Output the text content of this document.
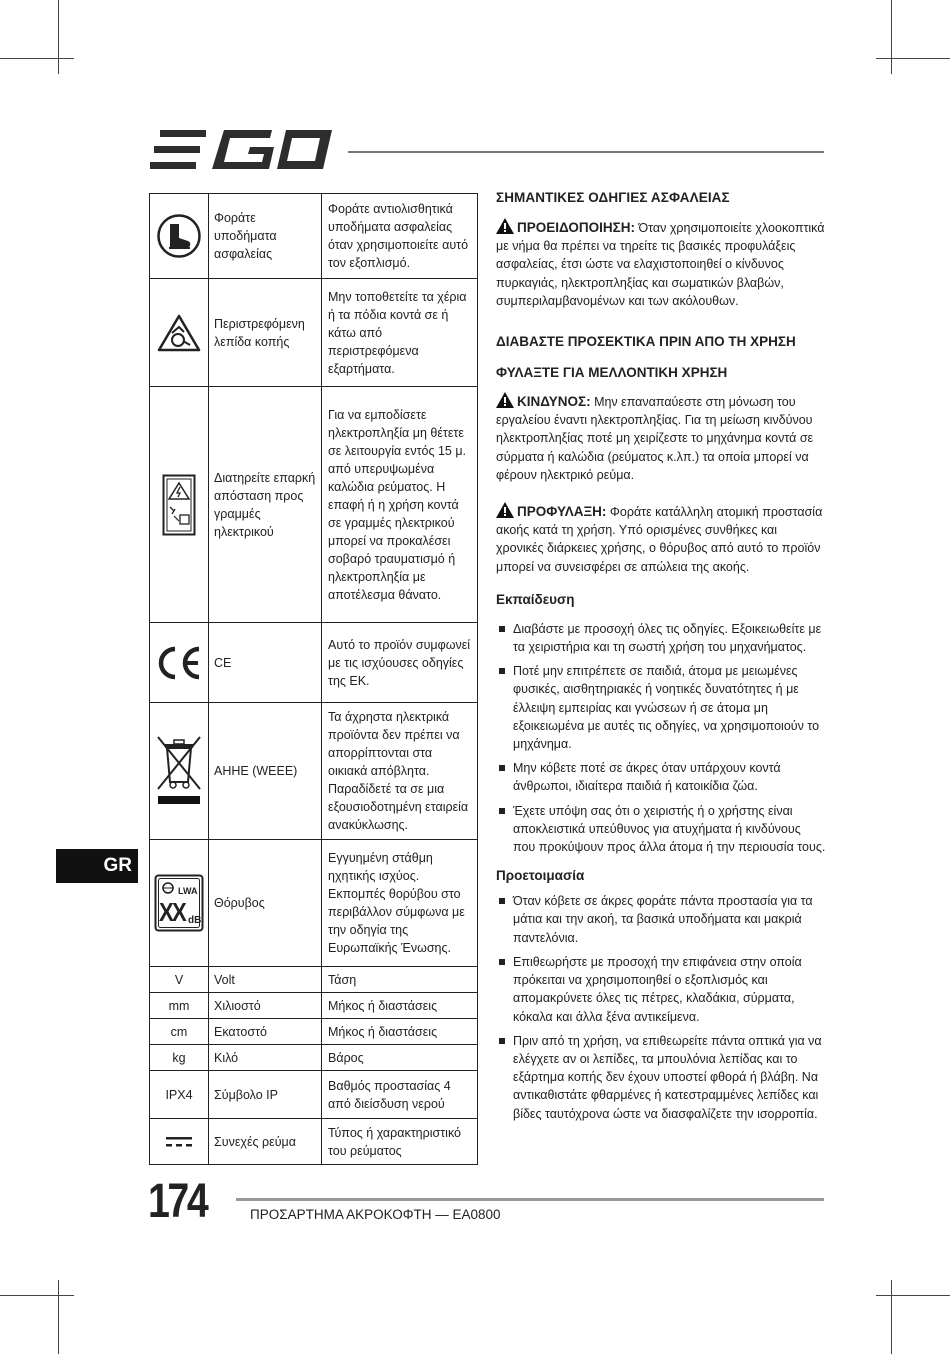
	Φοράτε υποδήματα ασφαλείας	Φοράτε αντιολισθητικά υποδήματα ασφαλείας όταν χρησιμοποιείτε αυτό τον εξοπλισμό.

	Περιστρεφόμενη λεπίδα κοπής	Μην τοποθετείτε τα χέρια ή τα πόδια κοντά σε ή κάτω από περιστρεφόμενα εξαρτήματα.

	Διατηρείτε επαρκή απόσταση προς γραμμές ηλεκτρικού	Για να εμποδίσετε ηλεκτροπληξία μη θέτετε σε λειτουργία εντός 15 μ. από υπερυψωμένα καλώδια ρεύματος. Η επαφή ή η χρήση κοντά σε γραμμές ηλεκτρικού μπορεί να προκαλέσει σοβαρό τραυματισμό ή ηλεκτροπληξία με αποτέλεσμα θάνατο.

	CE	Αυτό το προϊόν συμφωνεί με τις ισχύουσες οδηγίες της ΕΚ.

	ΑΗΗΕ (WEEE)	Τα άχρηστα ηλεκτρικά προϊόντα δεν πρέπει να απορρίπτονται στα οικιακά απόβλητα. Παραδίδετέ τα σε μια εξουσιοδοτημένη εταιρεία ανακύκλωσης.

LWA
XX dB	Θόρυβος	Εγγυημένη στάθμη ηχητικής ισχύος. Εκπομπές θορύβου στο περιβάλλον σύμφωνα με την οδηγία της Ευρωπαϊκής Ένωσης.
V	Volt	Τάση
mm	Χιλιοστό	Μήκος ή διαστάσεις
cm	Εκατοστό	Μήκος ή διαστάσεις
kg	Κιλό	Βάρος
IPX4	Σύμβολο IP	Βαθμός προστασίας 4 από διείσδυση νερού

	Συνεχές ρεύμα	Τύπος ή χαρακτηριστικό του ρεύματος
ΣΗΜΑΝΤΙΚΕΣ ΟΔΗΓΙΕΣ ΑΣΦΑΛΕΙΑΣ

ΠΡΟΕΙΔΟΠΟΙΗΣΗ: Όταν χρησιμοποιείτε χλοοκοπτικά με νήμα θα πρέπει να τηρείτε τις βασικές προφυλάξεις ασφαλείας, έτσι ώστε να ελαχιστοποιηθεί ο κίνδυνος πυρκαγιάς, ηλεκτροπληξίας και σωματικών βλαβών, συμπεριλαμβανομένων και των ακόλουθων.

ΔΙΑΒΑΣΤΕ ΠΡΟΣΕΚΤΙΚΑ ΠΡΙΝ ΑΠΟ ΤΗ ΧΡΗΣΗ
ΦΥΛΑΞΤΕ ΓΙΑ ΜΕΛΛΟΝΤΙΚΗ ΧΡΗΣΗ

ΚΙΝΔΥΝΟΣ: Μην επαναπαύεστε στη μόνωση του εργαλείου έναντι ηλεκτροπληξίας. Για τη μείωση κινδύνου ηλεκτροπληξίας ποτέ μη χειρίζεστε το μηχάνημα κοντά σε σύρματα ή καλώδια (ρεύματος κ.λπ.) τα οποία μπορεί να φέρουν ηλεκτρικό ρεύμα.

ΠΡΟΦΥΛΑΞΗ: Φοράτε κατάλληλη ατομική προστασία ακοής κατά τη χρήση. Υπό ορισμένες συνθήκες και χρονικές διάρκειες χρήσης, ο θόρυβος από αυτό το προϊόν μπορεί να συνεισφέρει σε απώλεια της ακοής.

Εκπαίδευση
Διαβάστε με προσοχή όλες τις οδηγίες. Εξοικειωθείτε με τα χειριστήρια και τη σωστή χρήση του μηχανήματος.
Ποτέ μην επιτρέπετε σε παιδιά, άτομα με μειωμένες φυσικές, αισθητηριακές ή νοητικές δυνατότητες ή με έλλειψη εμπειρίας και γνώσεων ή σε άτομα μη εξοικειωμένα με αυτές τις οδηγίες, να χρησιμοποιούν το μηχάνημα.
Μην κόβετε ποτέ σε άκρες όταν υπάρχουν κοντά άνθρωποι, ιδιαίτερα παιδιά ή κατοικίδια ζώα.
Έχετε υπόψη σας ότι ο χειριστής ή ο χρήστης είναι αποκλειστικά υπεύθυνος για ατυχήματα ή κινδύνους που προκύψουν προς άλλα άτομα ή την περιουσία τους.
Προετοιμασία
Όταν κόβετε σε άκρες φοράτε πάντα προστασία για τα μάτια και την ακοή, τα βασικά υποδήματα και μακριά παντελόνια.
Επιθεωρήστε με προσοχή την επιφάνεια στην οποία πρόκειται να χρησιμοποιηθεί ο εξοπλισμός και απομακρύνετε όλες τις πέτρες, κλαδάκια, σύρματα, κόκαλα και άλλα ξένα αντικείμενα.
Πριν από τη χρήση, να επιθεωρείτε πάντα οπτικά για να ελέγχετε αν οι λεπίδες, τα μπουλόνια λεπίδας και το εξάρτημα κοπής δεν έχουν υποστεί φθορά ή βλάβη. Να αντικαθιστάτε φθαρμένες ή κατεστραμμένες λεπίδες και βίδες ταυτόχρονα ώστε να διασφαλίζετε την ισορροπία.
GR
174	ΠΡΟΣΑΡΤΗΜΑ ΑΚΡΟΚΟΦΤΗ — EA0800
